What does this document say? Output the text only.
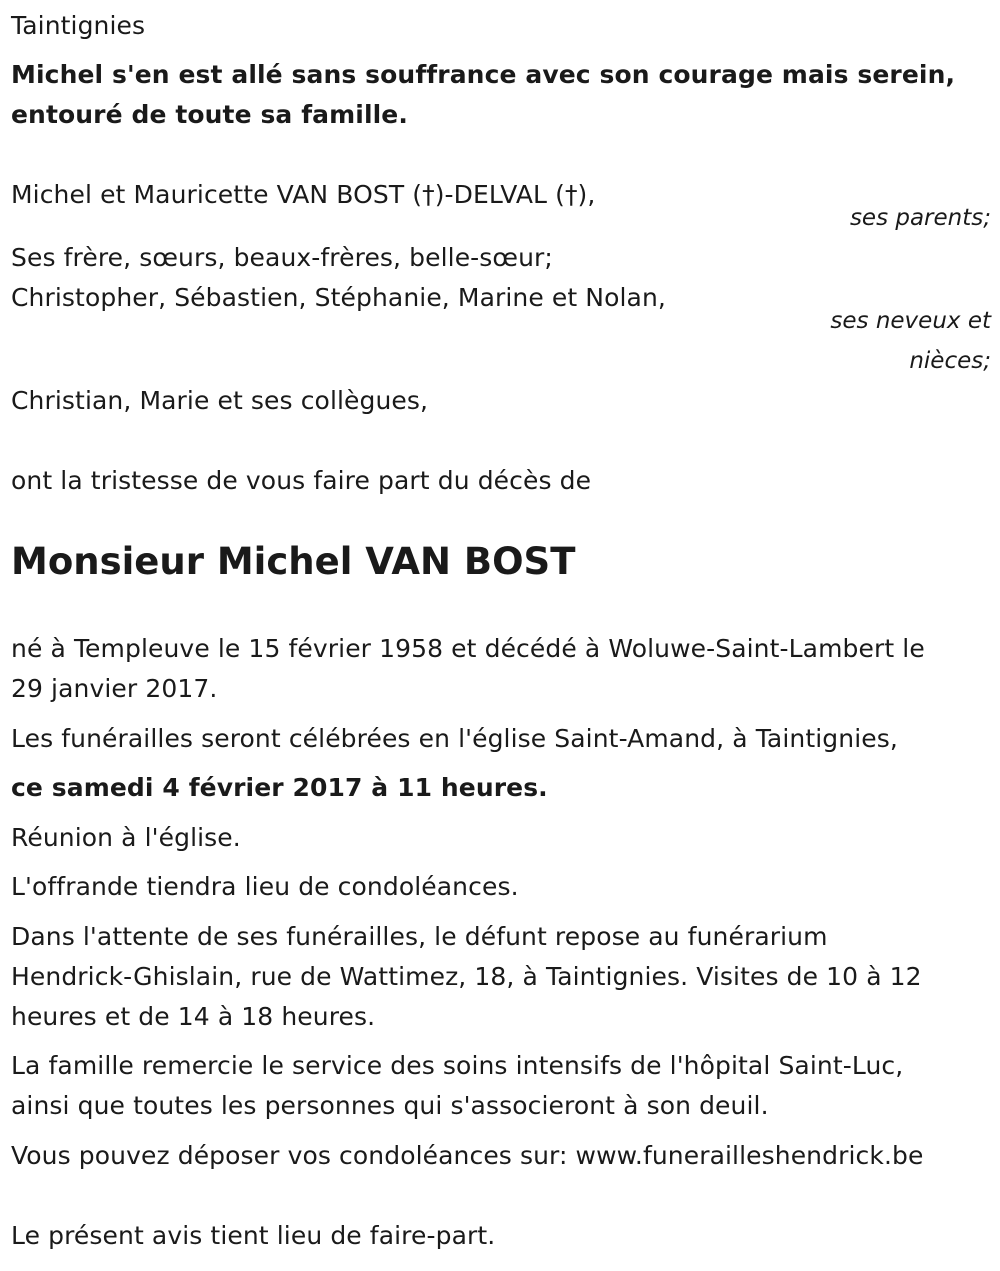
Taintignies
Michel s'en est allé sans souffrance avec son courage mais serein,
entouré de toute sa famille.
Michel et Mauricette VAN BOST (†)-DELVAL (†),
ses parents;
Ses frère, sœurs, beaux-frères, belle-sœur;
Christopher, Sébastien, Stéphanie, Marine et Nolan,
ses neveux et
nièces;
Christian, Marie et ses collègues,
ont la tristesse de vous faire part du décès de
Monsieur Michel VAN BOST
né à Templeuve le 15 février 1958 et décédé à Woluwe-Saint-Lambert le
29 janvier 2017.
Les funérailles seront célébrées en l'église Saint-Amand, à Taintignies,
ce samedi 4 février 2017 à 11 heures.
Réunion à l'église.
L'offrande tiendra lieu de condoléances.
Dans l'attente de ses funérailles, le défunt repose au funérarium
Hendrick-Ghislain, rue de Wattimez, 18, à Taintignies. Visites de 10 à 12
heures et de 14 à 18 heures.
La famille remercie le service des soins intensifs de l'hôpital Saint-Luc,
ainsi que toutes les personnes qui s'associeront à son deuil.
Vous pouvez déposer vos condoléances sur: www.funerailleshendrick.be
Le présent avis tient lieu de faire-part.
